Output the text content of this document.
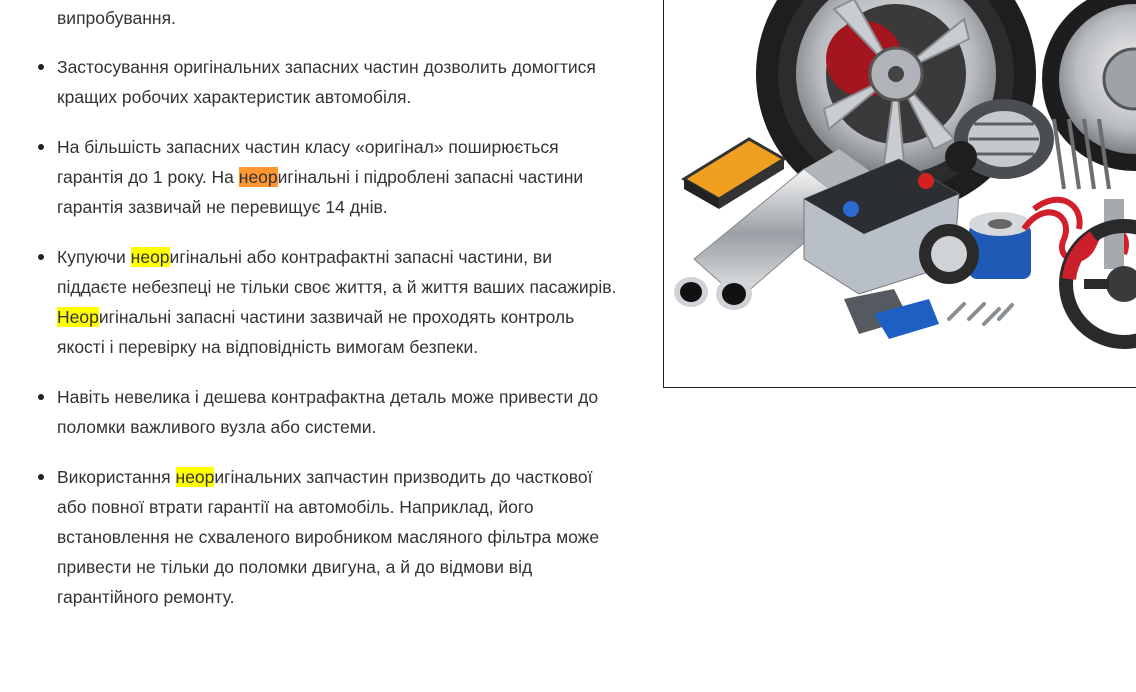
випробування.

Застосування оригінальних запасних частин дозволить домогтися кращих робочих характеристик автомобіля.
На більшість запасних частин класу «оригінал» поширюється гарантія до 1 року. На неоригінальні і підроблені запасні частини гарантія зазвичай не перевищує 14 днів.
Купуючи неоригінальні або контрафактні запасні частини, ви піддаєте небезпеці не тільки своє життя, а й життя ваших пасажирів. Неоригінальні запасні частини зазвичай не проходять контроль якості і перевірку на відповідність вимогам безпеки.
Навіть невелика і дешева контрафактна деталь може привести до поломки важливого вузла або системи.
Використання неоригінальних запчастин призводить до часткової або повної втрати гарантії на автомобіль. Наприклад, його встановлення не схваленого виробником масляного фільтра може привести не тільки до поломки двигуна, а й до відмови від гарантійного ремонту.
